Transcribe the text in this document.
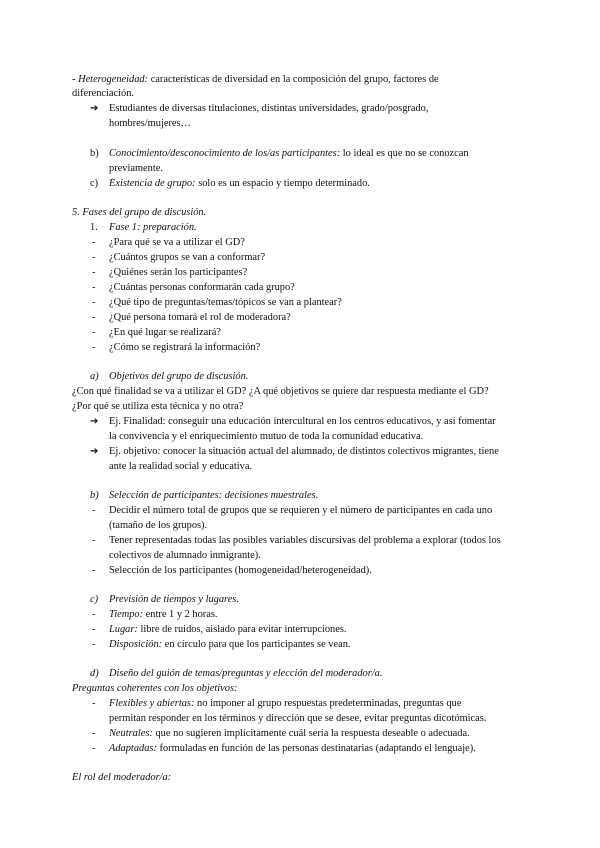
- Heterogeneidad: características de diversidad en la composición del grupo, factores de
diferenciación.
➔ Estudiantes de diversas titulaciones, distintas universidades, grado/posgrado,
hombres/mujeres…
b) Conocimiento/desconocimiento de los/as participantes: lo ideal es que no se conozcan
previamente.
c) Existencia de grupo: solo es un espacio y tiempo determinado.
5. Fases del grupo de discusión.
1. Fase 1: preparación.
- ¿Para qué se va a utilizar el GD?
- ¿Cuántos grupos se van a conformar?
- ¿Quiénes serán los participantes?
- ¿Cuántas personas conformarán cada grupo?
- ¿Qué tipo de preguntas/temas/tópicos se van a plantear?
- ¿Qué persona tomará el rol de moderadora?
- ¿En qué lugar se realizará?
- ¿Cómo se registrará la información?
a) Objetivos del grupo de discusión.
¿Con qué finalidad se va a utilizar el GD? ¿A qué objetivos se quiere dar respuesta mediante el GD?
¿Por qué se utiliza esta técnica y no otra?
➔ Ej. Finalidad: conseguir una educación intercultural en los centros educativos, y así fomentar
la convivencia y el enriquecimiento mutuo de toda la comunidad educativa.
➔ Ej. objetivo: conocer la situación actual del alumnado, de distintos colectivos migrantes, tiene
ante la realidad social y educativa.
b) Selección de participantes: decisiones muestrales.
- Decidir el número total de grupos que se requieren y el número de participantes en cada uno
(tamaño de los grupos).
- Tener representadas todas las posibles variables discursivas del problema a explorar (todos los
colectivos de alumnado inmigrante).
- Selección de los participantes (homogeneidad/heterogeneidad).
c) Previsión de tiempos y lugares.
- Tiempo: entre 1 y 2 horas.
- Lugar: libre de ruidos, aislado para evitar interrupciones.
- Disposición: en círculo para que los participantes se vean.
d) Diseño del guión de temas/preguntas y elección del moderador/a.
Preguntas coherentes con los objetivos:
- Flexibles y abiertas: no imponer al grupo respuestas predeterminadas, preguntas que
permitan responder en los términos y dirección que se desee, evitar preguntas dicotómicas.
- Neutrales: que no sugieren implícitamente cuál sería la respuesta deseable o adecuada.
- Adaptadas: formuladas en función de las personas destinatarias (adaptando el lenguaje).
El rol del moderador/a:
